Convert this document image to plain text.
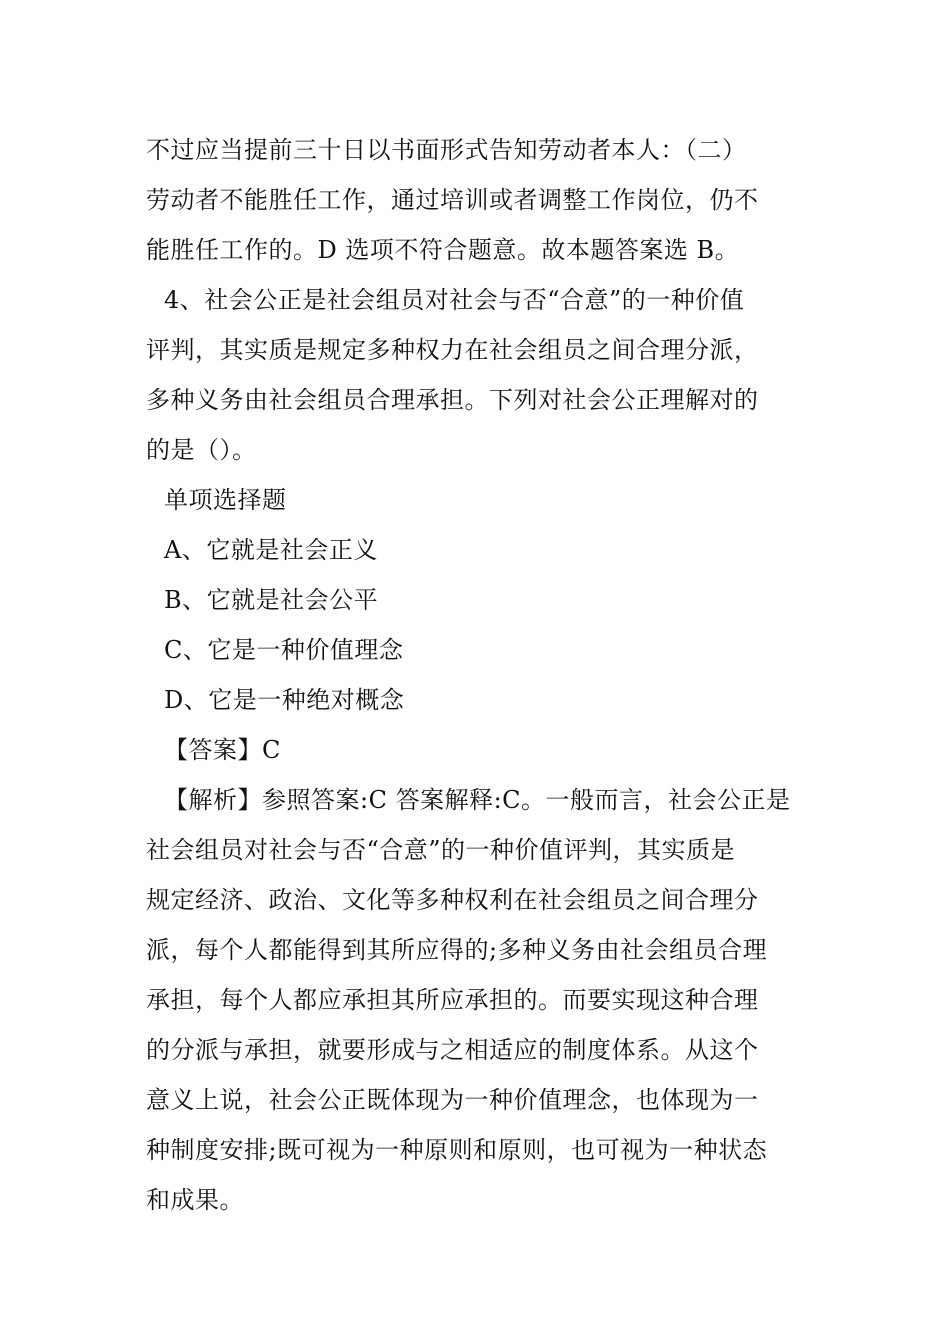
不过应当提前三十日以书面形式告知劳动者本人：（二）
劳动者不能胜任工作，通过培训或者调整工作岗位，仍不
能胜任工作的。D 选项不符合题意。故本题答案选 B。
4、社会公正是社会组员对社会与否“合意”的一种价值
评判，其实质是规定多种权力在社会组员之间合理分派，
多种义务由社会组员合理承担。下列对社会公正理解对的
的是（）。
单项选择题
A、它就是社会正义
B、它就是社会公平
C、它是一种价值理念
D、它是一种绝对概念
【答案】C
【解析】参照答案:C 答案解释:C。一般而言，社会公正是
社会组员对社会与否“合意”的一种价值评判，其实质是
规定经济、政治、文化等多种权利在社会组员之间合理分
派，每个人都能得到其所应得的;多种义务由社会组员合理
承担，每个人都应承担其所应承担的。而要实现这种合理
的分派与承担，就要形成与之相适应的制度体系。从这个
意义上说，社会公正既体现为一种价值理念，也体现为一
种制度安排;既可视为一种原则和原则，也可视为一种状态
和成果。
